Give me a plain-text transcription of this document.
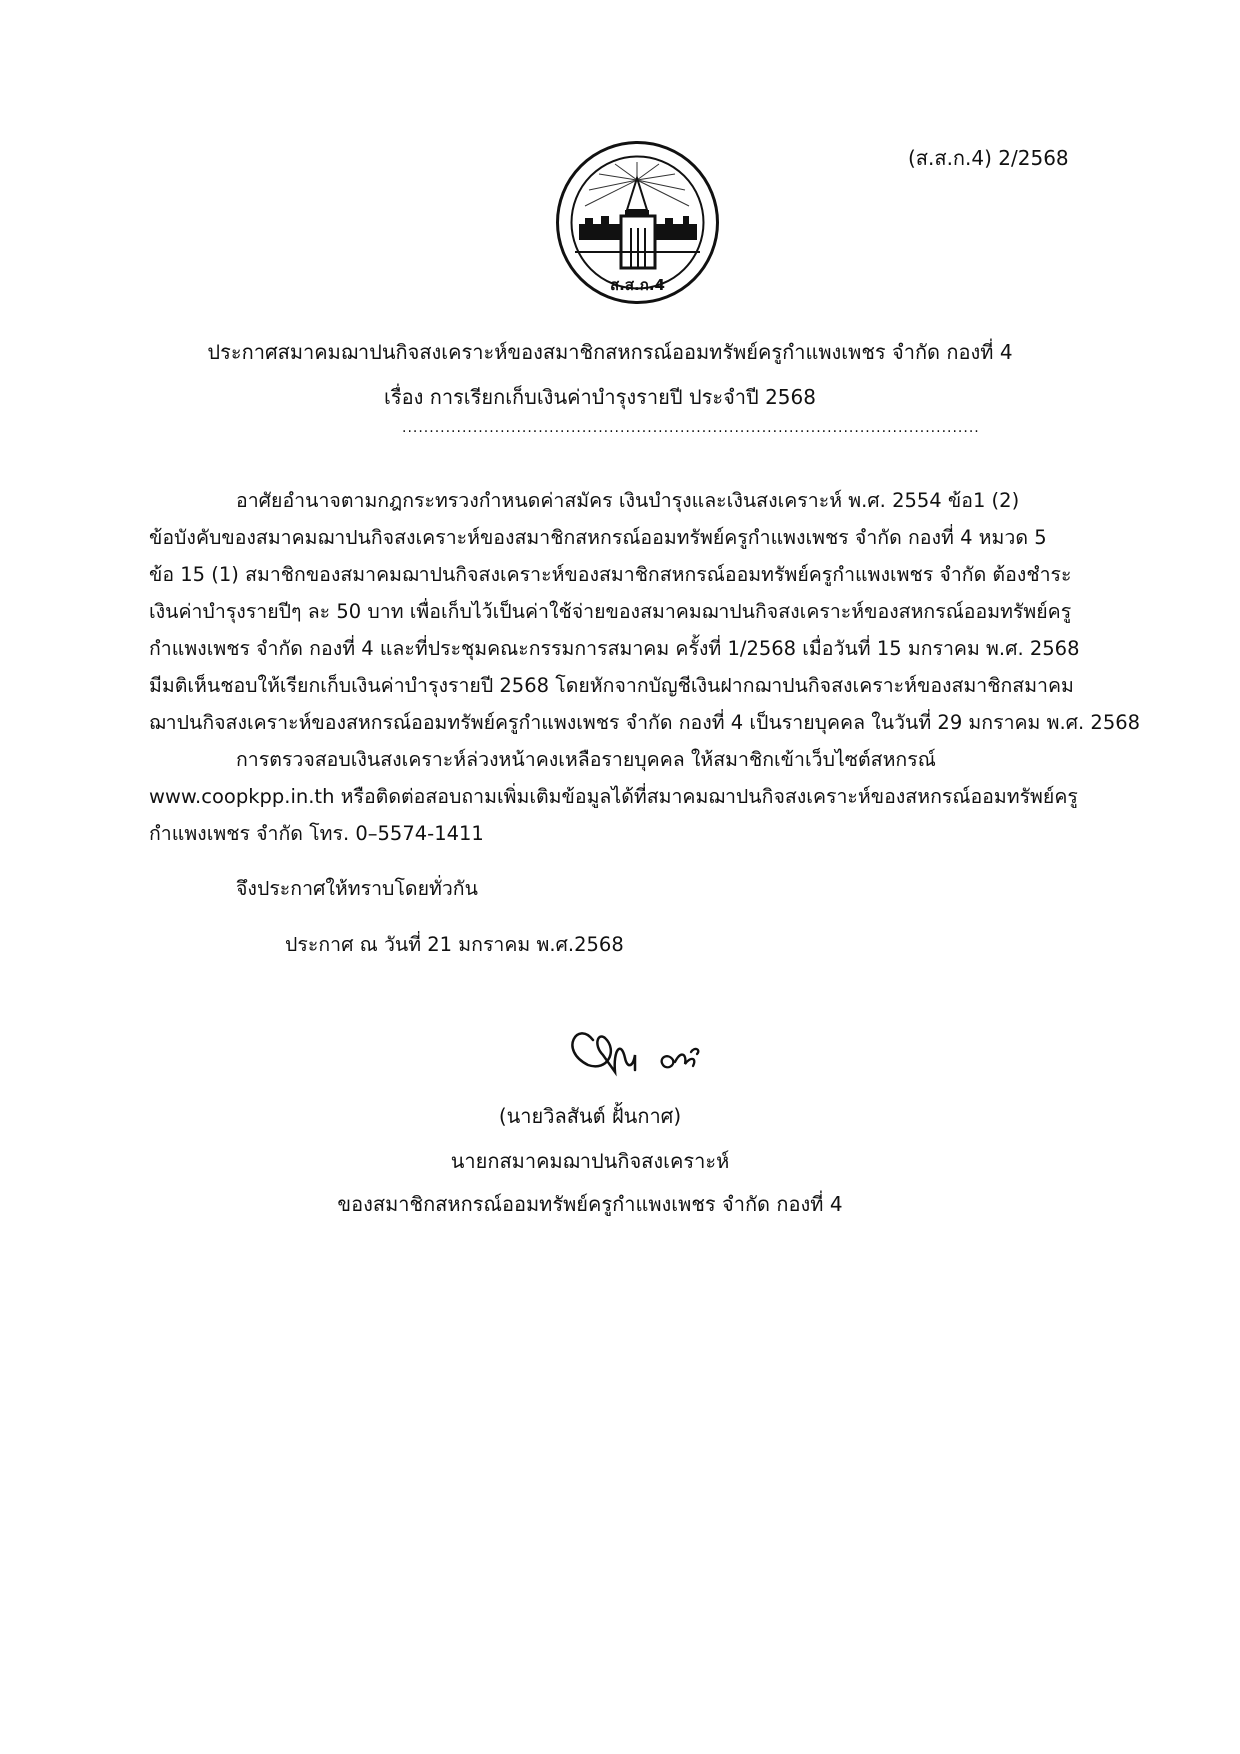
(ส.ส.ก.4) 2/2568
ส.ส.ก.4
ประกาศสมาคมฌาปนกิจสงเคราะห์ของสมาชิกสหกรณ์ออมทรัพย์ครูกำแพงเพชร จำกัด กองที่ 4
เรื่อง การเรียกเก็บเงินค่าบำรุงรายปี ประจำปี 2568
..........................................................................................................
อาศัยอำนาจตามกฎกระทรวงกำหนดค่าสมัคร เงินบำรุงและเงินสงเคราะห์ พ.ศ. 2554 ข้อ1 (2)
ข้อบังคับของสมาคมฌาปนกิจสงเคราะห์ของสมาชิกสหกรณ์ออมทรัพย์ครูกำแพงเพชร จำกัด กองที่ 4 หมวด 5
ข้อ 15 (1) สมาชิกของสมาคมฌาปนกิจสงเคราะห์ของสมาชิกสหกรณ์ออมทรัพย์ครูกำแพงเพชร จำกัด ต้องชำระ
เงินค่าบำรุงรายปีๆ ละ 50 บาท เพื่อเก็บไว้เป็นค่าใช้จ่ายของสมาคมฌาปนกิจสงเคราะห์ของสหกรณ์ออมทรัพย์ครู
กำแพงเพชร จำกัด กองที่ 4 และที่ประชุมคณะกรรมการสมาคม ครั้งที่ 1/2568 เมื่อวันที่ 15 มกราคม พ.ศ. 2568
มีมติเห็นชอบให้เรียกเก็บเงินค่าบำรุงรายปี 2568 โดยหักจากบัญชีเงินฝากฌาปนกิจสงเคราะห์ของสมาชิกสมาคม
ฌาปนกิจสงเคราะห์ของสหกรณ์ออมทรัพย์ครูกำแพงเพชร จำกัด กองที่ 4 เป็นรายบุคคล ในวันที่ 29 มกราคม พ.ศ. 2568
การตรวจสอบเงินสงเคราะห์ล่วงหน้าคงเหลือรายบุคคล ให้สมาชิกเข้าเว็บไซต์สหกรณ์
www.coopkpp.in.th หรือติดต่อสอบถามเพิ่มเติมข้อมูลได้ที่สมาคมฌาปนกิจสงเคราะห์ของสหกรณ์ออมทรัพย์ครู
กำแพงเพชร จำกัด โทร. 0–5574-1411
จึงประกาศให้ทราบโดยทั่วกัน
ประกาศ ณ วันที่ 21 มกราคม พ.ศ.2568
(นายวิลสันต์ ฝั้นกาศ)
นายกสมาคมฌาปนกิจสงเคราะห์
ของสมาชิกสหกรณ์ออมทรัพย์ครูกำแพงเพชร จำกัด กองที่ 4
